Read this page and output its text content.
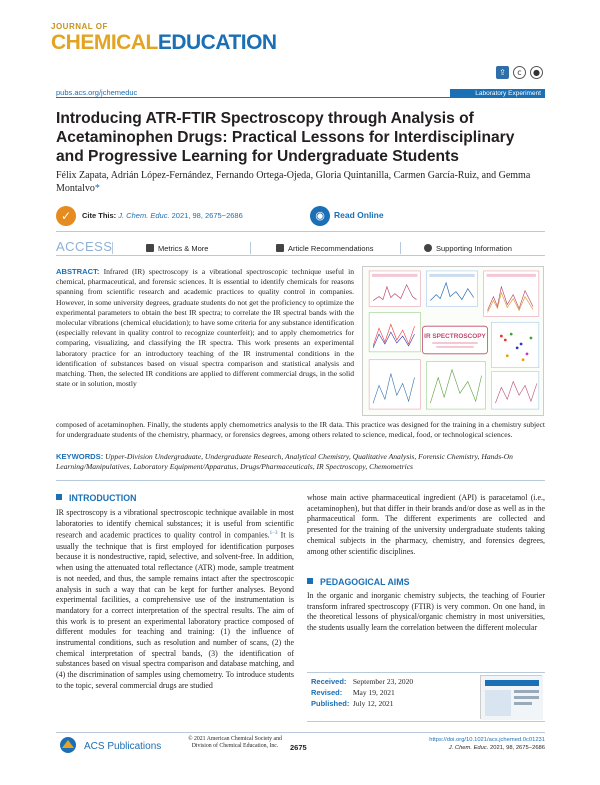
JOURNAL OF
CHEMICALEDUCATION
⇪	c	●
pubs.acs.org/jchemeduc	Laboratory Experiment
Introducing ATR-FTIR Spectroscopy through Analysis of Acetaminophen Drugs: Practical Lessons for Interdisciplinary and Progressive Learning for Undergraduate Students
Félix Zapata, Adrián López-Fernández, Fernando Ortega-Ojeda, Gloria Quintanilla, Carmen García-Ruiz, and Gemma Montalvo*
✓	Cite This: J. Chem. Educ. 2021, 98, 2675−2686	◉	Read Online
ACCESS	Metrics & More	Article Recommendations	Supporting Information
ABSTRACT: Infrared (IR) spectroscopy is a vibrational spectroscopic technique useful in chemical, pharmaceutical, and forensic sciences. It is essential to identify chemicals for reasons spanning from scientific research and academic practices to quality control in companies. However, in some university degrees, graduate students do not get the proficiency to optimize the experimental parameters to obtain the best IR spectra; to correlate the IR spectral bands with the molecular vibrations (chemical elucidation); to have some criteria for any substance identification (especially relevant in quality control to recognize counterfeit); and to apply chemometrics for comparing, visualizing, and classifying the IR spectra. This work presents an experimental laboratory practice for an introductory teaching of the IR instrumental conditions in the identification of substances based on visual spectra comparison and statistical analysis and matching. Then, the selected IR conditions are applied to different commercial drugs, in the solid state or in solution, mostly
composed of acetaminophen. Finally, the students apply chemometrics analysis to the IR data. This practice was designed for the training in a chemistry subject for undergraduate students of the chemistry, pharmacy, or forensics degrees, among others related to science, medical, food, or technological sciences.
KEYWORDS: Upper-Division Undergraduate, Undergraduate Research, Analytical Chemistry, Qualitative Analysis, Forensic Chemistry, Hands-On Learning/Manipulatives, Laboratory Equipment/Apparatus, Drugs/Pharmaceuticals, IR Spectroscopy, Chemometrics
IR SPECTROSCOPY
INTRODUCTION
IR spectroscopy is a vibrational spectroscopic technique available in most laboratories to identify chemical substances; it is useful from scientific research and academic practices to quality control in companies.$^{1-3}$ It is usually the technique that is first employed for identification purposes because it is nondestructive, rapid, selective, and solvent-free. In addition, when using the attenuated total reflectance (ATR) mode, sample treatment is not needed, and thus, the sample remains intact after the spectroscopic analysis in such a way that can be kept for further analyses. Beyond experimental facilities, a comprehensive use of the instrumentation is mandatory for a correct interpretation of the spectral results. The aim of this work is to present an experimental laboratory practice composed of different modules for teaching and training: (1) the influence of instrumental conditions, such as resolution and number of scans, (2) the chemical interpretation of spectral bands, (3) the identification of substances based on visual spectra comparison and database matching, and (4) the discrimination of samples using chemometry. To introduce students to the topic, several commercial drugs are studied
whose main active pharmaceutical ingredient (API) is paracetamol (i.e., acetaminophen), but that differ in their brands and/or dose as well as in the pharmaceutical form. The different experiments are collected and presented for the training of the university undergraduate students taking chemical subjects in the pharmacy, chemistry, and forensics degrees, among other scientific disciplines.
PEDAGOGICAL AIMS
In the organic and inorganic chemistry subjects, the teaching of Fourier transform infrared spectroscopy (FTIR) is very common. On one hand, in the theoretical lessons of physical/organic chemistry in most universities, the students usually learn the correlation between the different molecular
Received: September 23, 2020
Revised: May 19, 2021
Published: July 12, 2021
ACS Publications
© 2021 American Chemical Society and
Division of Chemical Education, Inc.	2675
https://doi.org/10.1021/acs.jchemed.0c01231
J. Chem. Educ. 2021, 98, 2675−2686
